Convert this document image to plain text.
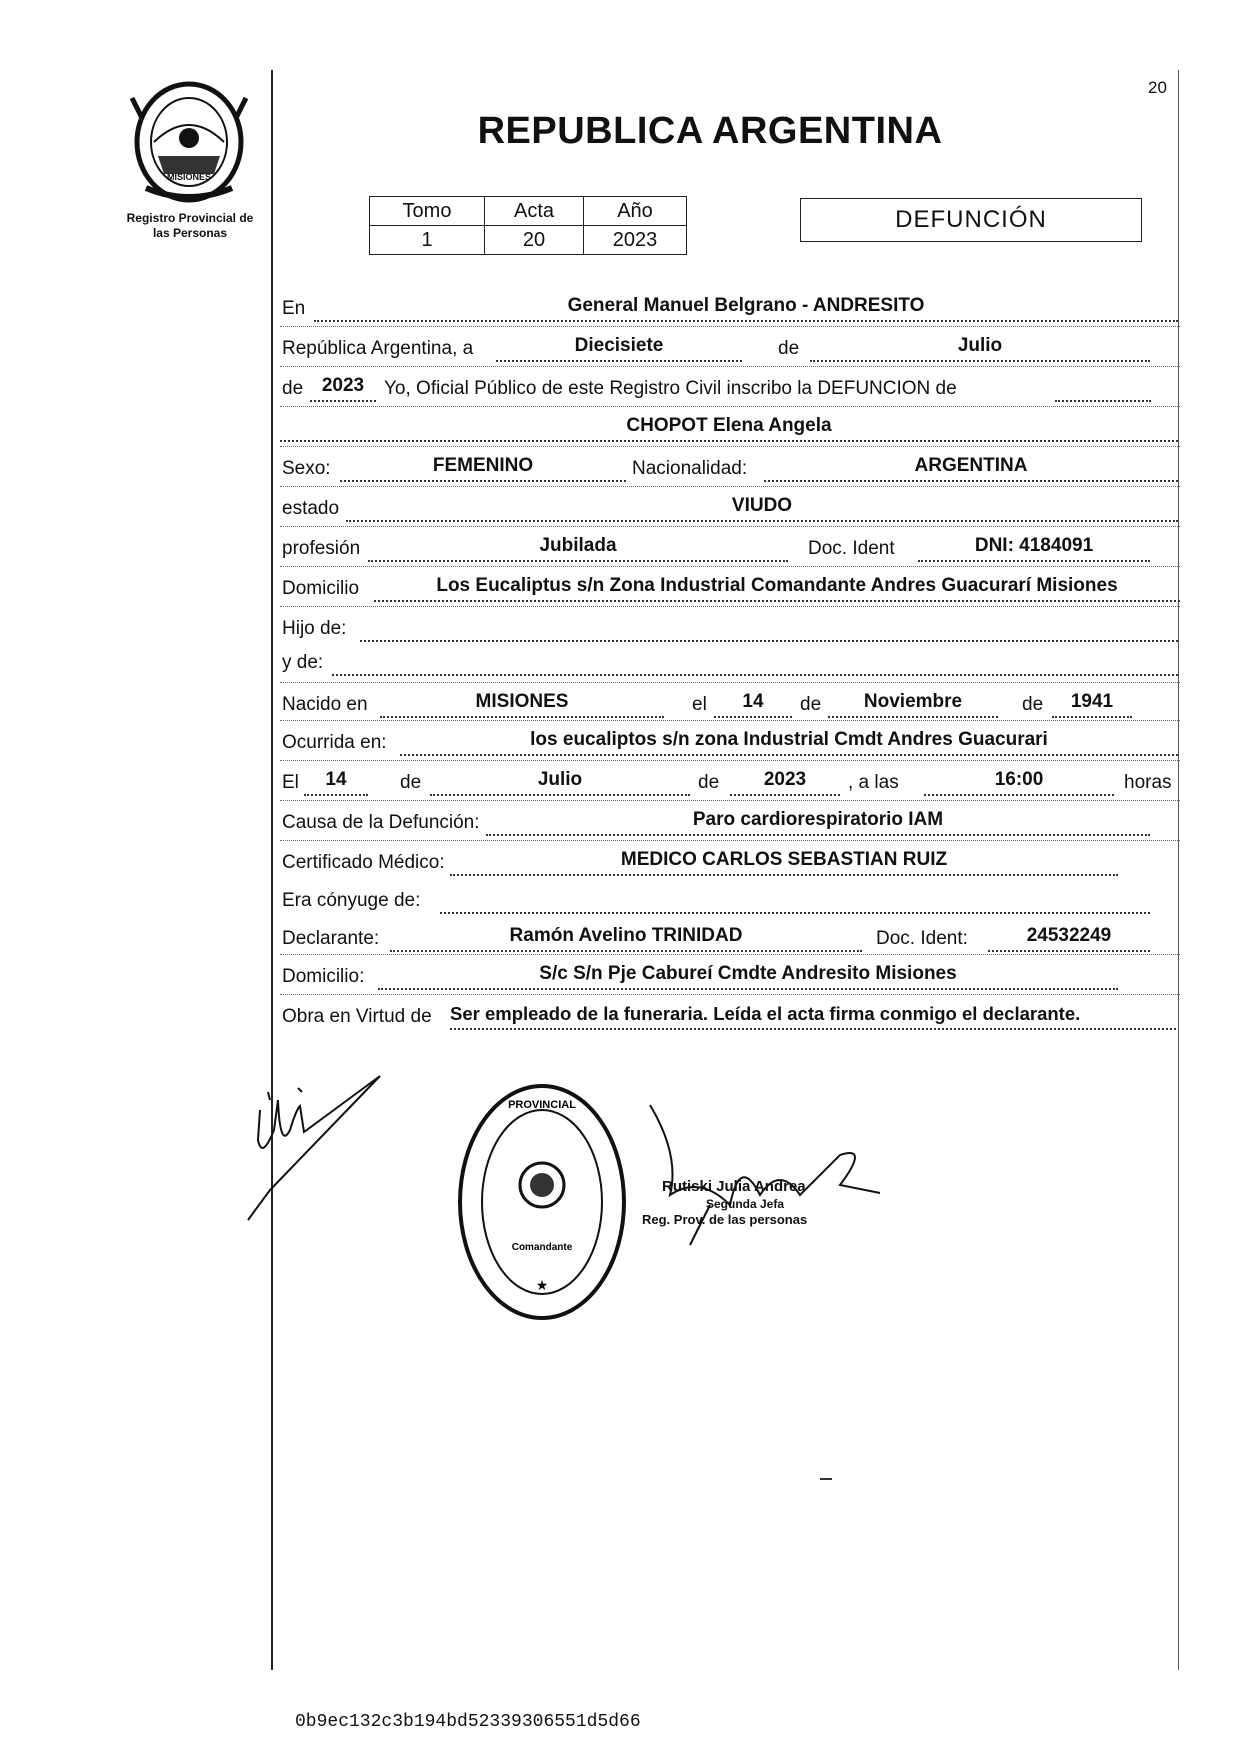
MISIONES
Registro Provincial de
las Personas
20
REPUBLICA ARGENTINA
Tomo	Acta	Año
1	20	2023
DEFUNCIÓN
En	General Manuel Belgrano - ANDRESITO
República Argentina, a	Diecisiete	de	Julio
de 2023	Yo, Oficial Público de este Registro Civil inscribo la DEFUNCION de
CHOPOT Elena Angela
Sexo:	FEMENINO	Nacionalidad:	ARGENTINA
estado	VIUDO
profesión	Jubilada	Doc. Ident	DNI: 4184091
Domicilio	Los Eucaliptus s/n Zona Industrial Comandante Andres Guacurarí Misiones
Hijo de:
y de:
Nacido en	MISIONES	el	14	de	Noviembre	de	1941
Ocurrida en:	los eucaliptos s/n zona Industrial Cmdt Andres Guacurari
El	14	de	Julio	de	2023	, a las	16:00	horas
Causa de la Defunción:	Paro cardiorespiratorio IAM
Certificado Médico:	MEDICO CARLOS SEBASTIAN RUIZ
Era cónyuge de:
Declarante:	Ramón Avelino TRINIDAD	Doc. Ident:	24532249
Domicilio:	S/c S/n Pje Cabureí Cmdte Andresito Misiones
Obra en Virtud de Ser empleado de la funeraria. Leída el acta firma conmigo el declarante.
PROVINCIAL
★
Comandante
Rutiski Julia Andrea
Segunda Jefa
Reg. Prov. de las personas
0b9ec132c3b194bd52339306551d5d66
